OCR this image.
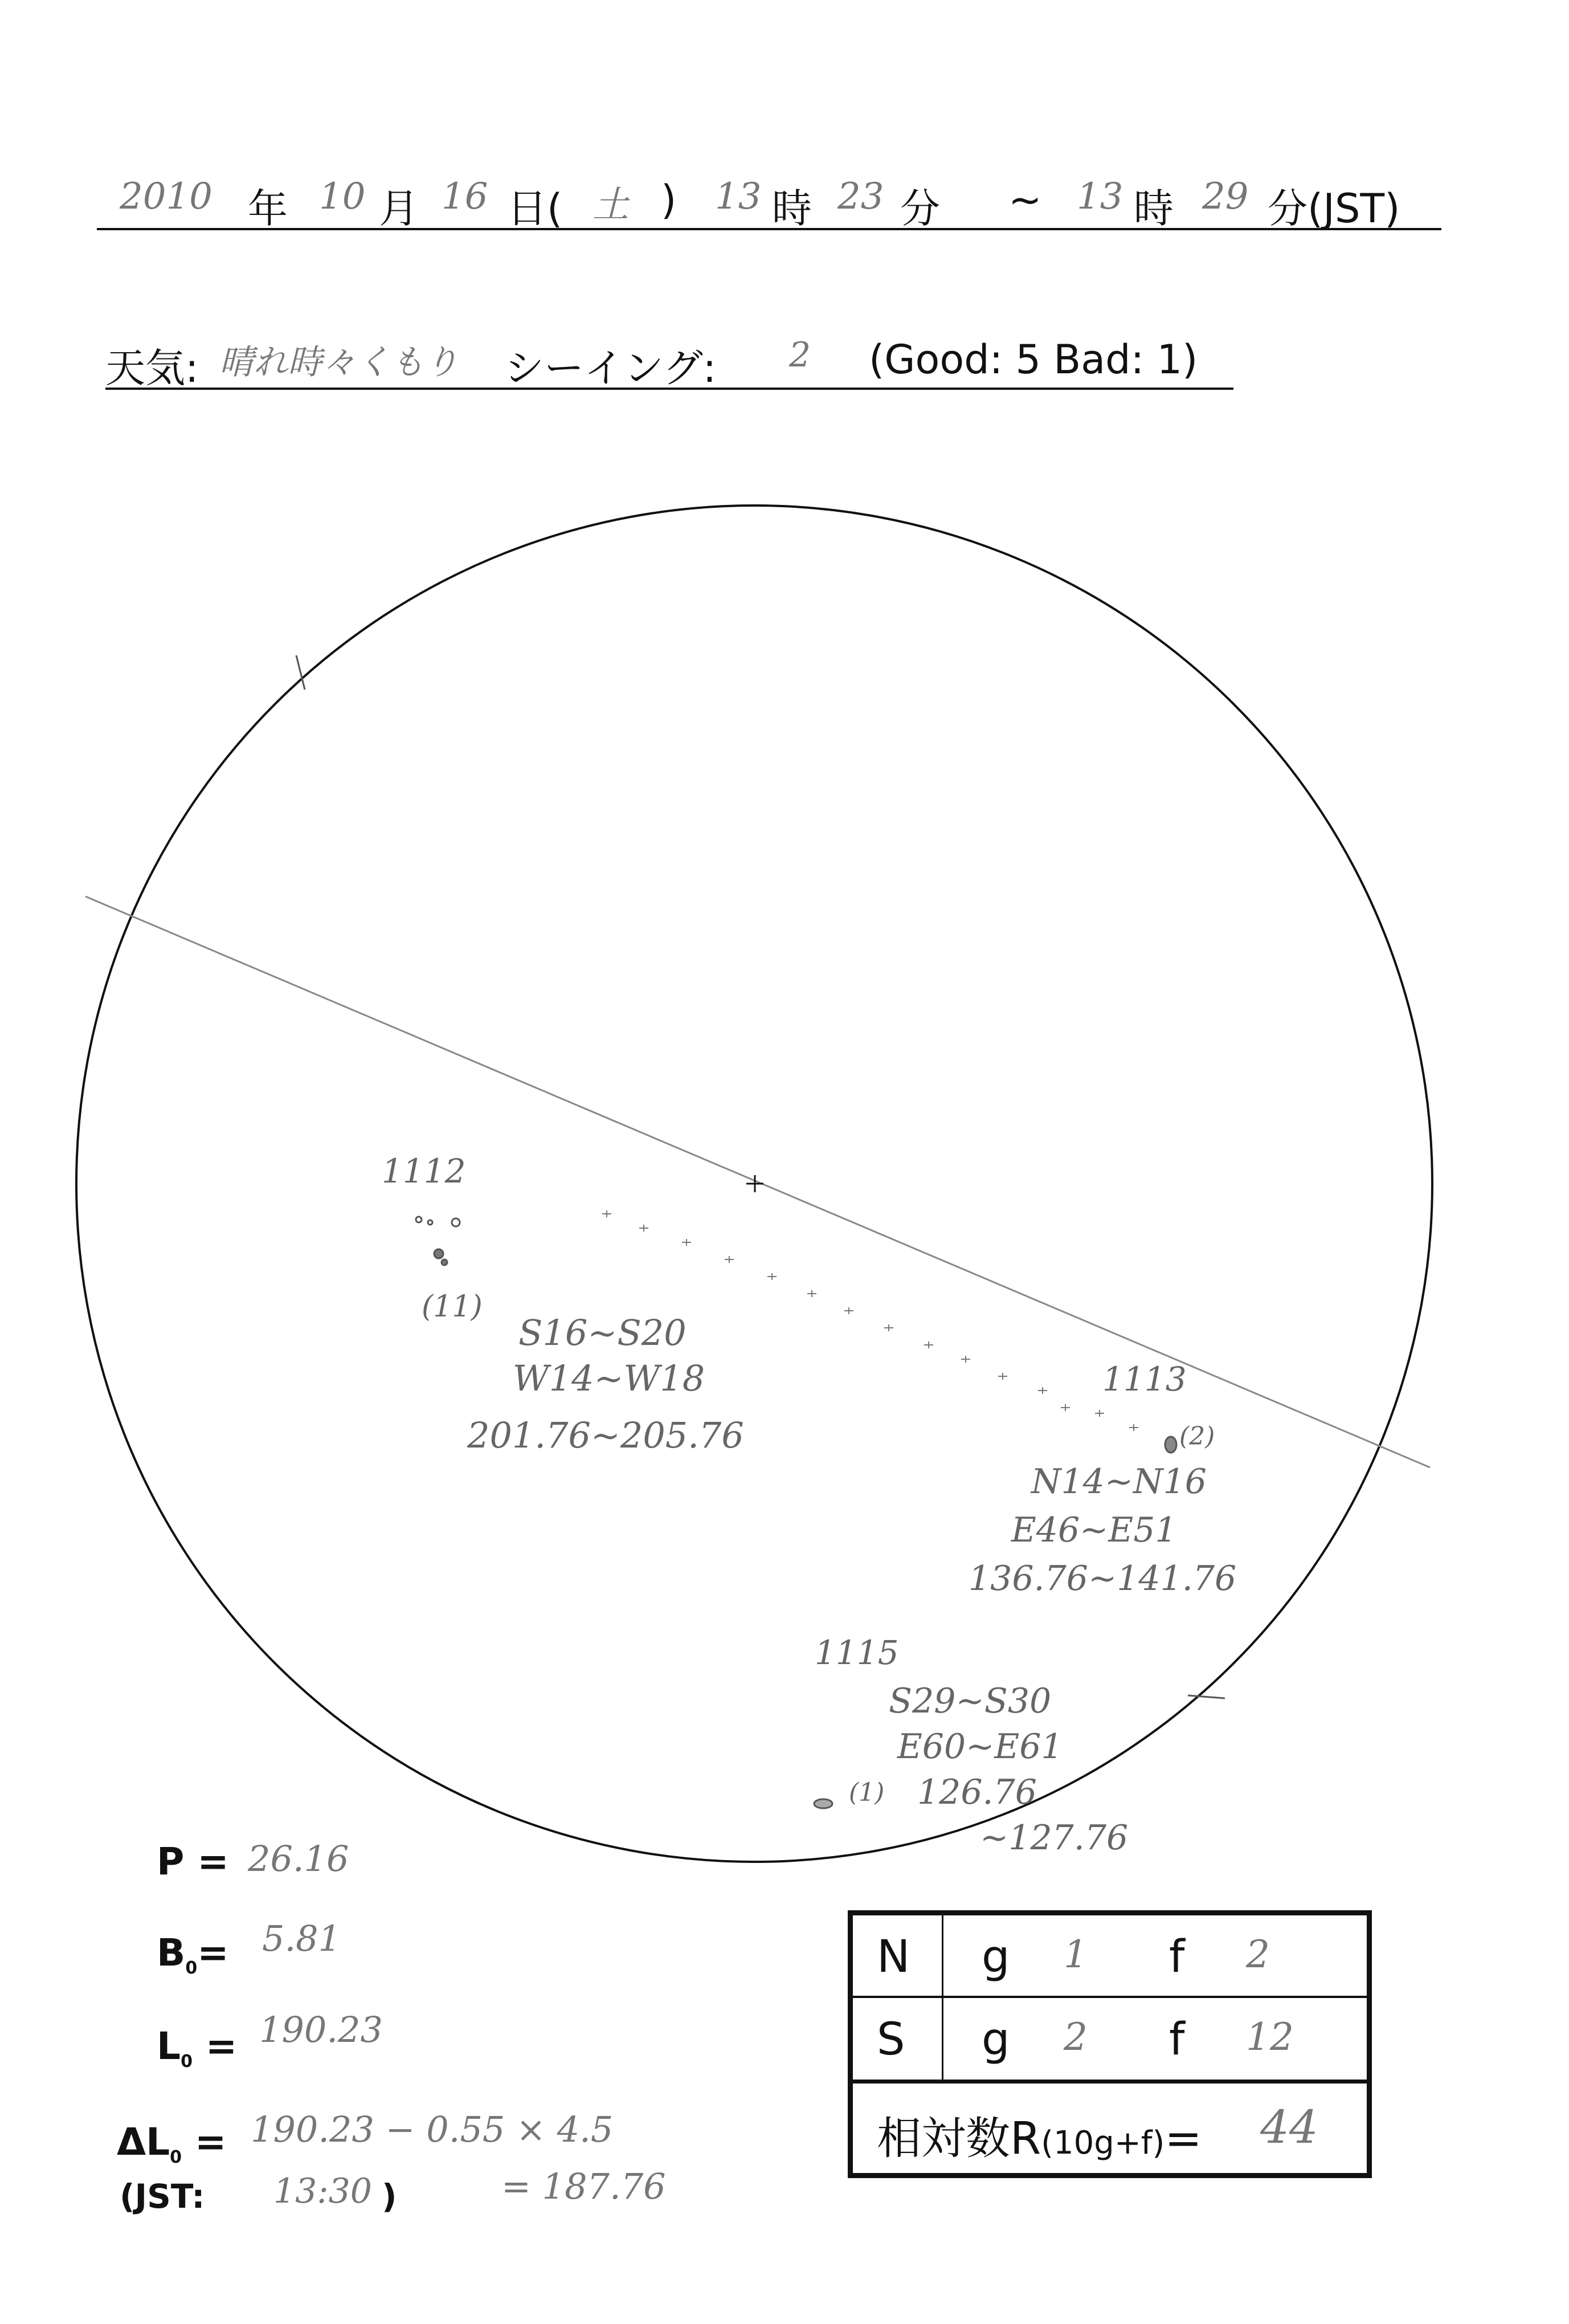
2010 年 10 月 16 日( 土 ) 13 時 23 分 ~ 13 時 29 分(JST)
天気: 晴れ時々くもり シーイング: 2 (Good: 5 Bad: 1)
1112
(11)
S16~S20
W14~W18
201.76~205.76
1113
(2)
N14~N16
E46~E51
136.76~141.76
1115
S29~S30
E60~E61
(1) 126.76
~127.76
P = 26.16
$B_0= 5.81$
$L_0 = 190.23$
$\Delta L_0 = 190.23 - 0.55 \times 4.5$
(JST: 13:30 )	= 187.76
N g 1 f 2
S g 2 f 12
相対数R(10g+f)= 44
